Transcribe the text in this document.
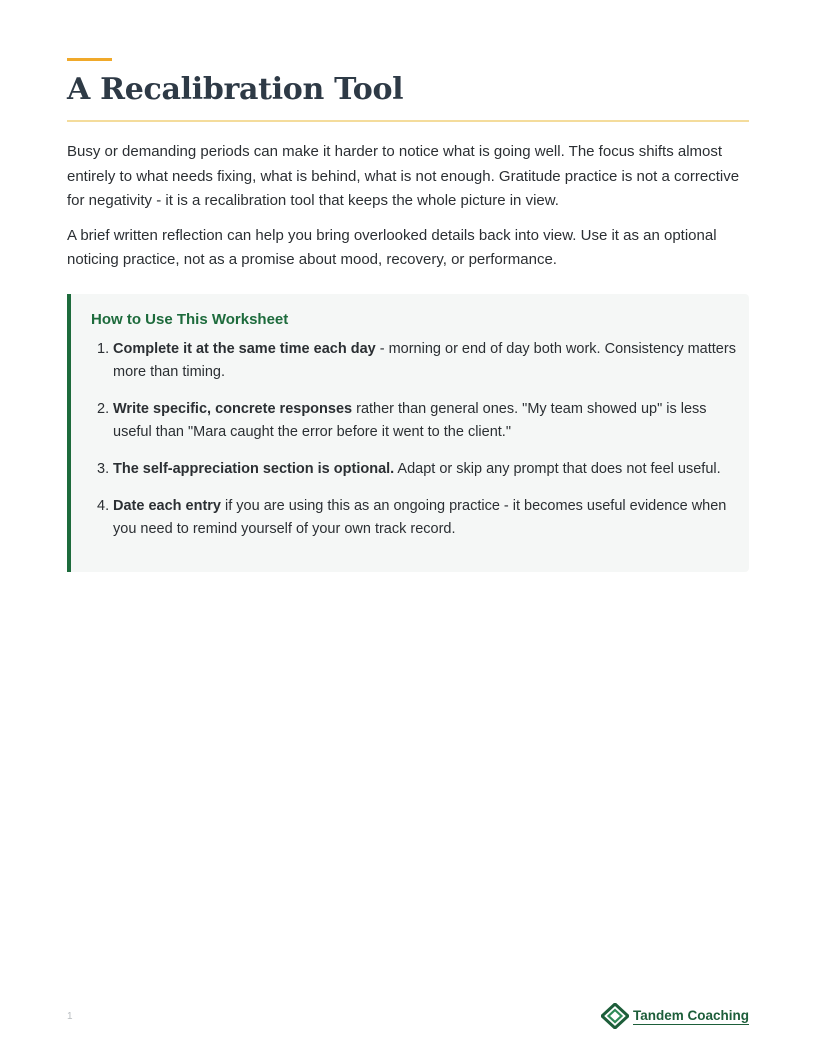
A Recalibration Tool

Busy or demanding periods can make it harder to notice what is going well. The focus shifts almost entirely to what needs fixing, what is behind, what is not enough. Gratitude practice is not a corrective for negativity - it is a recalibration tool that keeps the whole picture in view.

A brief written reflection can help you bring overlooked details back into view. Use it as an optional noticing practice, not as a promise about mood, recovery, or performance.

How to Use This Worksheet
1. Complete it at the same time each day - morning or end of day both work. Consistency matters more than timing.
2. Write specific, concrete responses rather than general ones. "My team showed up" is less useful than "Mara caught the error before it went to the client."
3. The self-appreciation section is optional. Adapt or skip any prompt that does not feel useful.
4. Date each entry if you are using this as an ongoing practice - it becomes useful evidence when you need to remind yourself of your own track record.
1	Tandem Coaching
